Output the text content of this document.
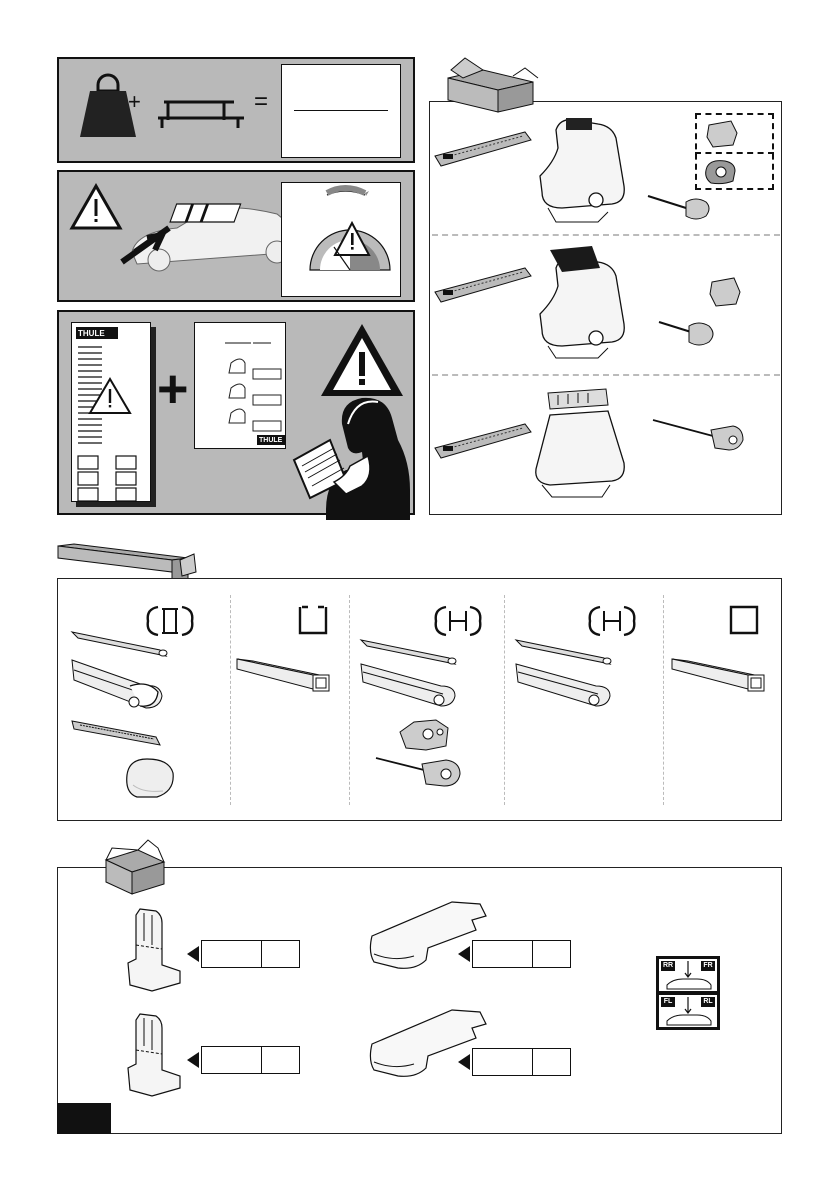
+	=
THULE
+
THULE
RR	FR
FL	RL
